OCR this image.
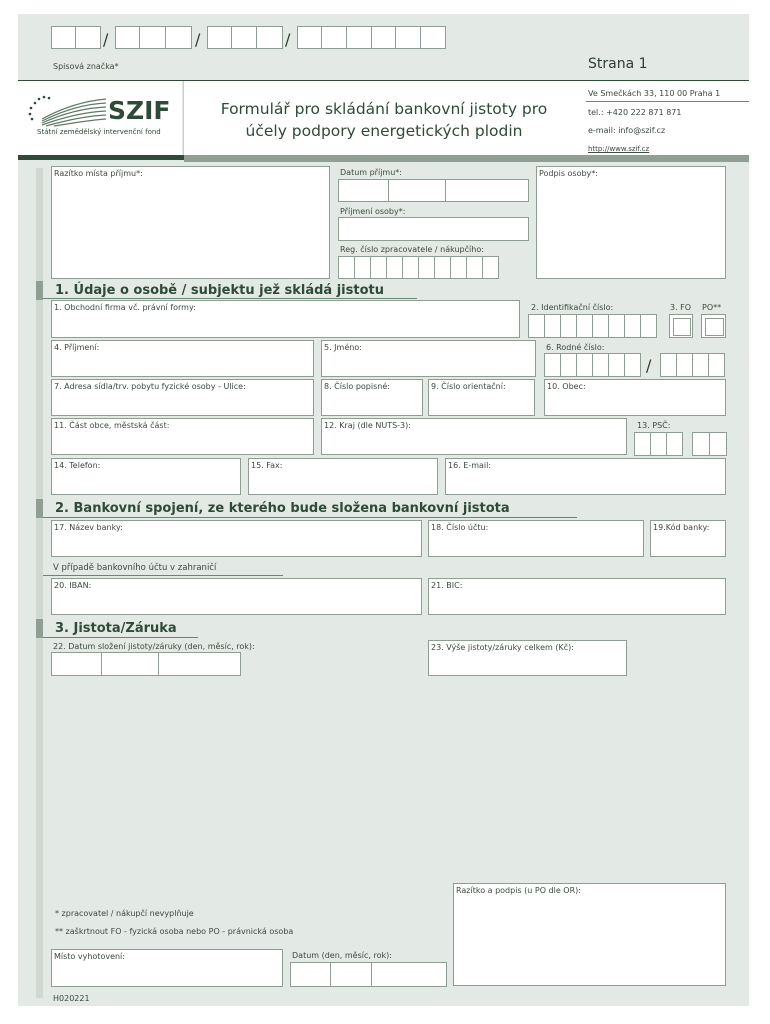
/	/	/
Spisová značka*	Strana 1
SZIF
Státní zemědělský intervenční fond
Formulář pro skládání bankovní jistoty pro
účely podpory energetických plodin
Ve Smečkách 33, 110 00 Praha 1
tel.: +420 222 871 871
e-mail: info@szif.cz
http://www.szif.cz
Razítko místa příjmu*:	Datum příjmu*:
Příjmení osoby*:
Reg. číslo zpracovatele / nákupčího:
Podpis osoby*:
1. Údaje o osobě / subjektu jež skládá jistotu
1. Obchodní firma vč. právní formy:	2. Identifikační číslo:	3. FO PO**
4. Příjmení:	5. Jméno:	6. Rodné číslo:
/
7. Adresa sídla/trv. pobytu fyzické osoby - Ulice:	8. Číslo popisné:	9. Číslo orientační:	10. Obec:
11. Část obce, městská část:	12. Kraj (dle NUTS-3):	13. PSČ:
14. Telefon:	15. Fax:	16. E-mail:
2. Bankovní spojení, ze kterého bude složena bankovní jistota
17. Název banky:	18. Číslo účtu:	19.Kód banky:
V případě bankovního účtu v zahraničí
20. IBAN:	21. BIC:
3. Jistota/Záruka
22. Datum složení jistoty/záruky (den, měsíc, rok):	23. Výše jistoty/záruky celkem (Kč):
Razítko a podpis (u PO dle OR):
* zpracovatel / nákupčí nevyplňuje
** zaškrtnout FO - fyzická osoba nebo PO - právnická osoba
Místo vyhotovení:	Datum (den, měsíc, rok):
H020221
